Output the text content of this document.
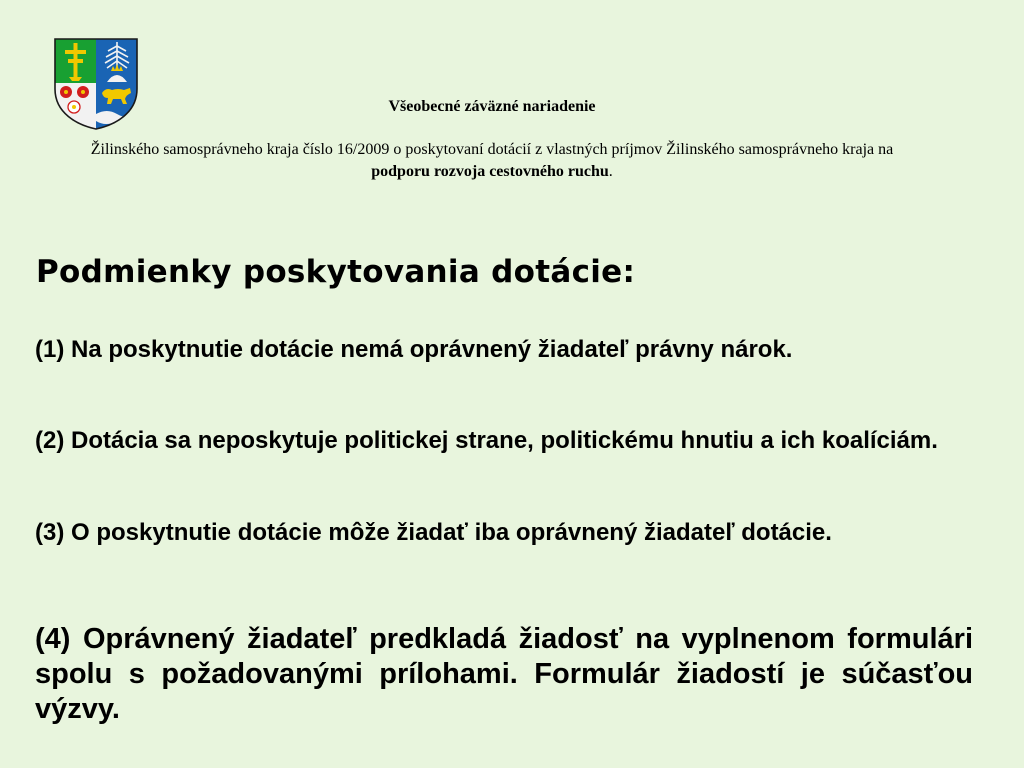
Všeobecné záväzné nariadenie

Žilinského samosprávneho kraja číslo 16/2009 o poskytovaní dotácií z vlastných príjmov Žilinského samosprávneho kraja na podporu rozvoja cestovného ruchu.

Podmienky poskytovania dotácie:

(1) Na poskytnutie dotácie nemá oprávnený žiadateľ právny nárok.

(2) Dotácia sa neposkytuje politickej strane, politickému hnutiu a ich koalíciám.

(3) O poskytnutie dotácie môže žiadať iba oprávnený žiadateľ dotácie.

(4) Oprávnený žiadateľ predkladá žiadosť na vyplnenom formulári spolu s požadovanými prílohami. Formulár žiadostí je súčasťou výzvy.
